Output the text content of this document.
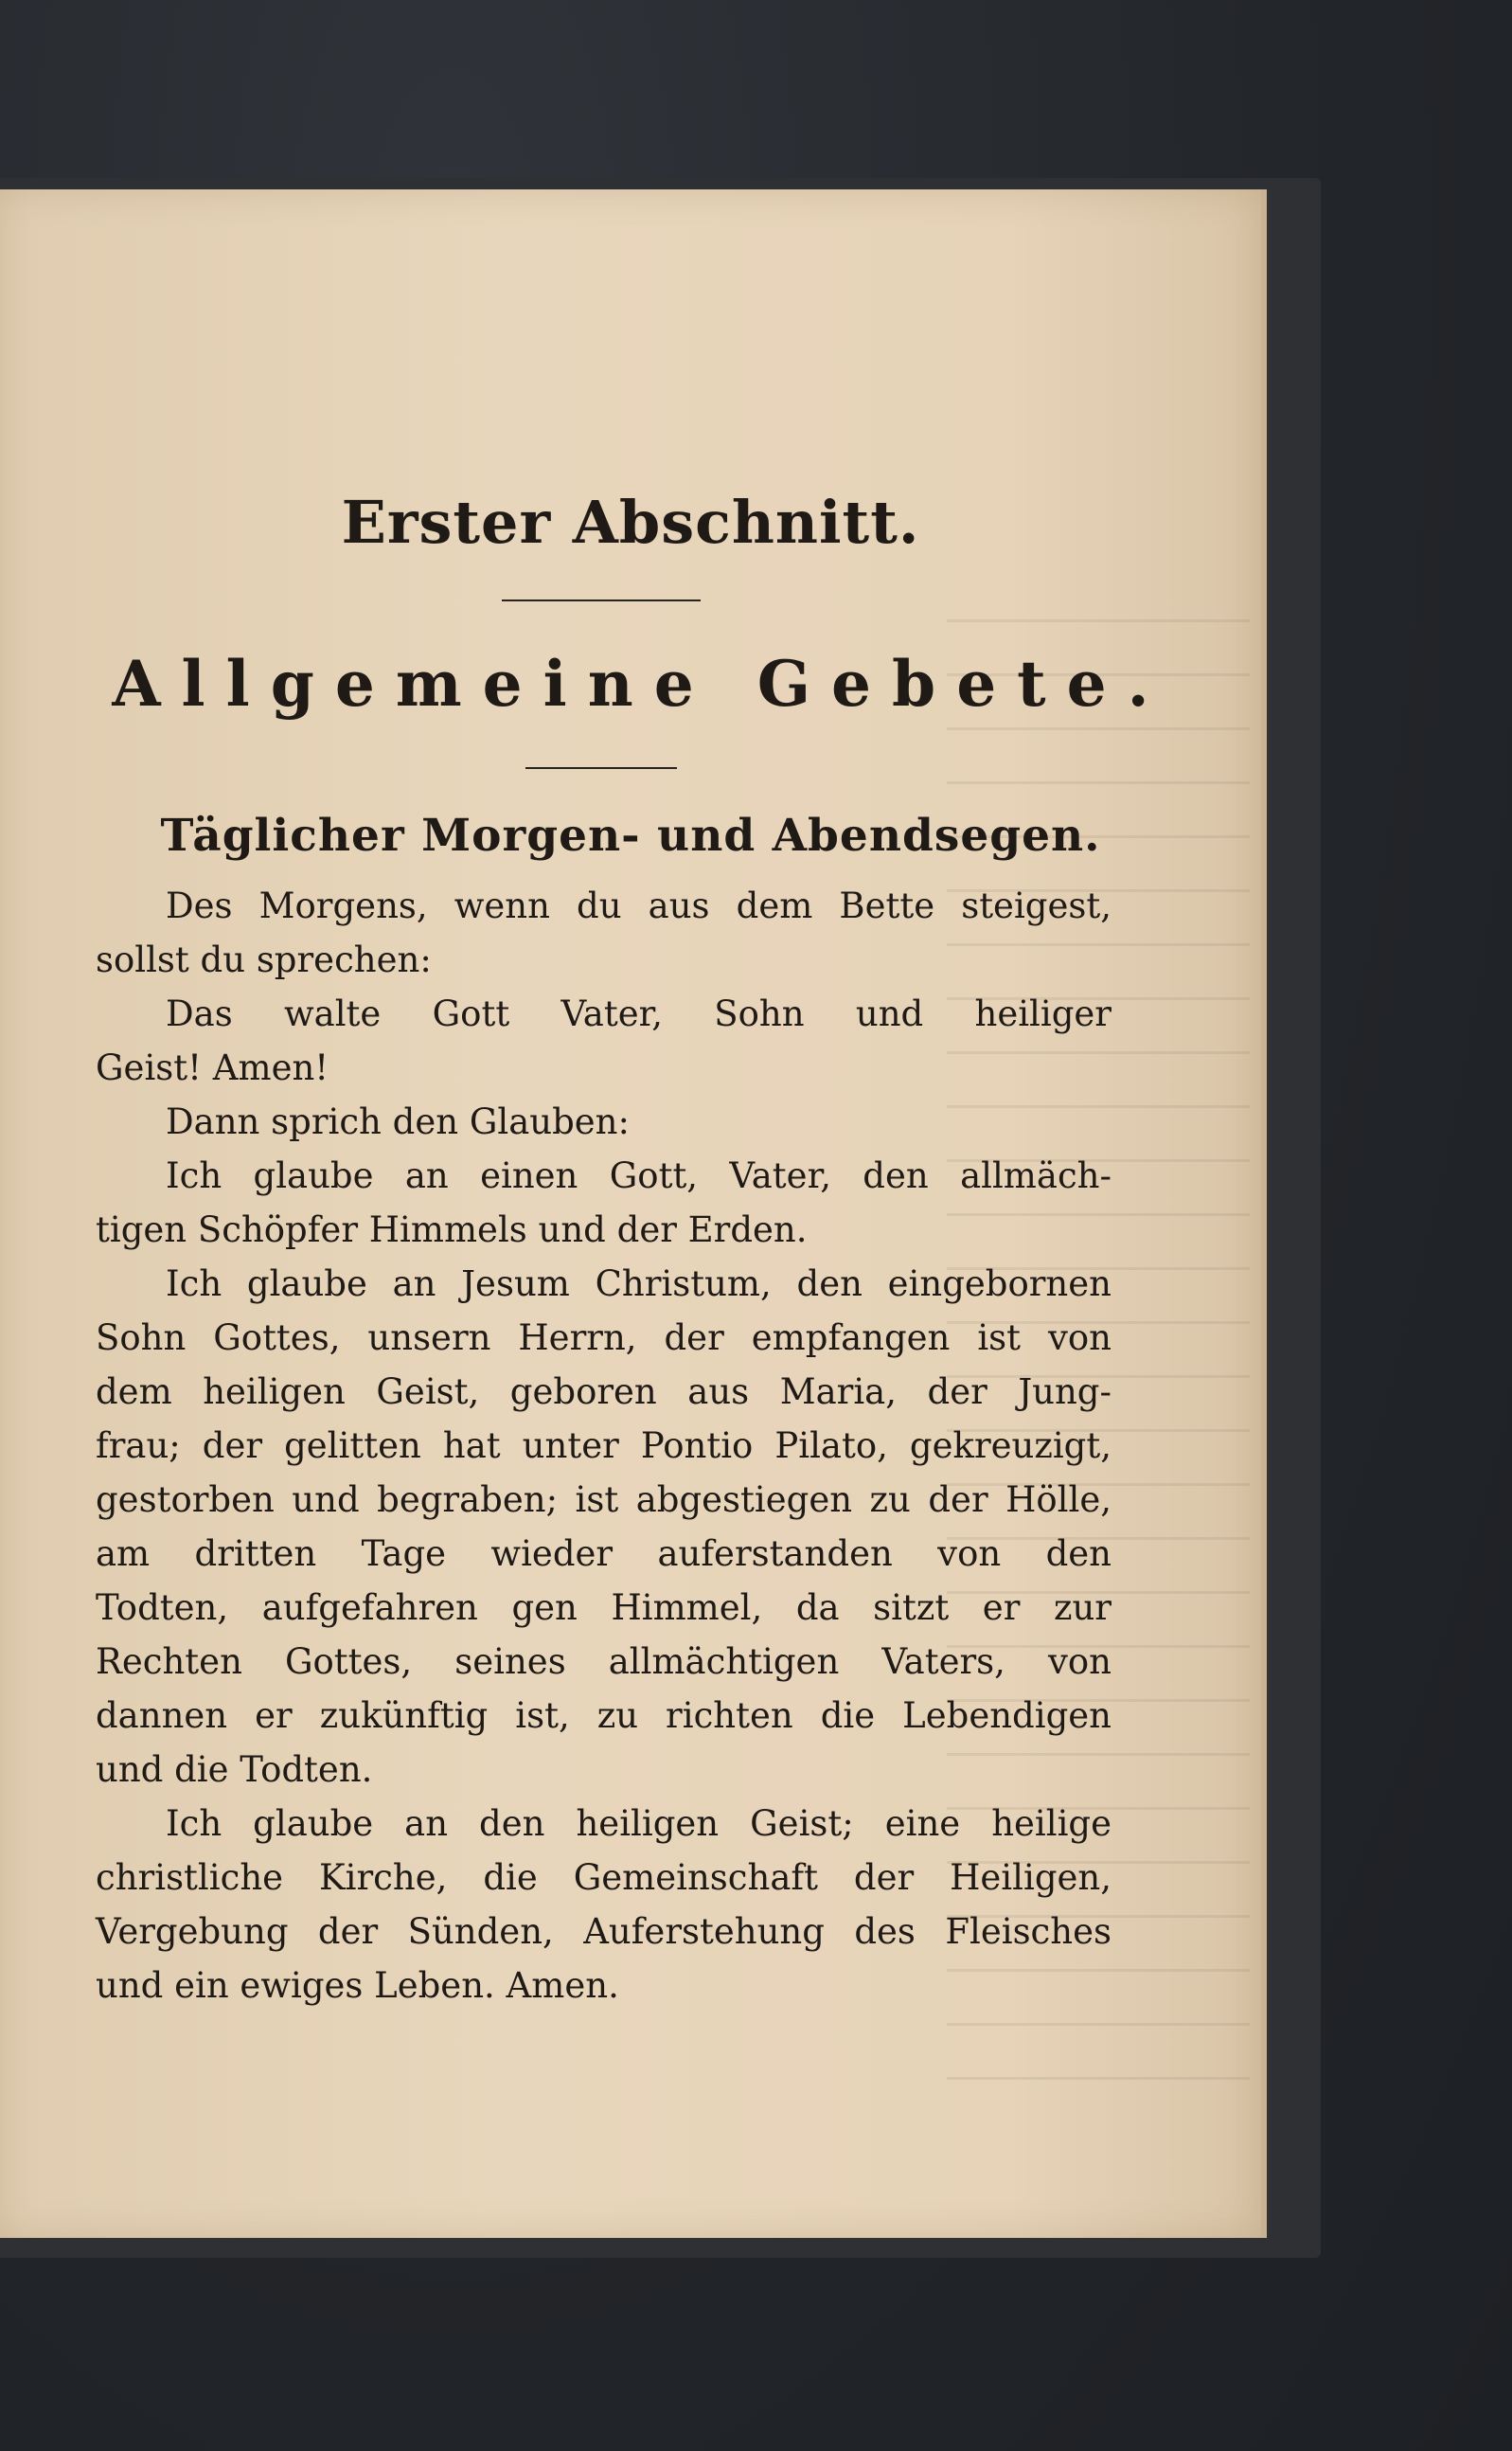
Erster Abschnitt.
Allgemeine Gebete.
Täglicher Morgen- und Abendsegen.
Des Morgens, wenn du aus dem Bette steigest,
sollst du sprechen:
Das walte Gott Vater, Sohn und heiliger
Geist! Amen!
Dann sprich den Glauben:
Ich glaube an einen Gott, Vater, den allmäch-
tigen Schöpfer Himmels und der Erden.
Ich glaube an Jesum Christum, den eingebornen
Sohn Gottes, unsern Herrn, der empfangen ist von
dem heiligen Geist, geboren aus Maria, der Jung-
frau; der gelitten hat unter Pontio Pilato, gekreuzigt,
gestorben und begraben; ist abgestiegen zu der Hölle,
am dritten Tage wieder auferstanden von den
Todten, aufgefahren gen Himmel, da sitzt er zur
Rechten Gottes, seines allmächtigen Vaters, von
dannen er zukünftig ist, zu richten die Lebendigen
und die Todten.
Ich glaube an den heiligen Geist; eine heilige
christliche Kirche, die Gemeinschaft der Heiligen,
Vergebung der Sünden, Auferstehung des Fleisches
und ein ewiges Leben. Amen.
